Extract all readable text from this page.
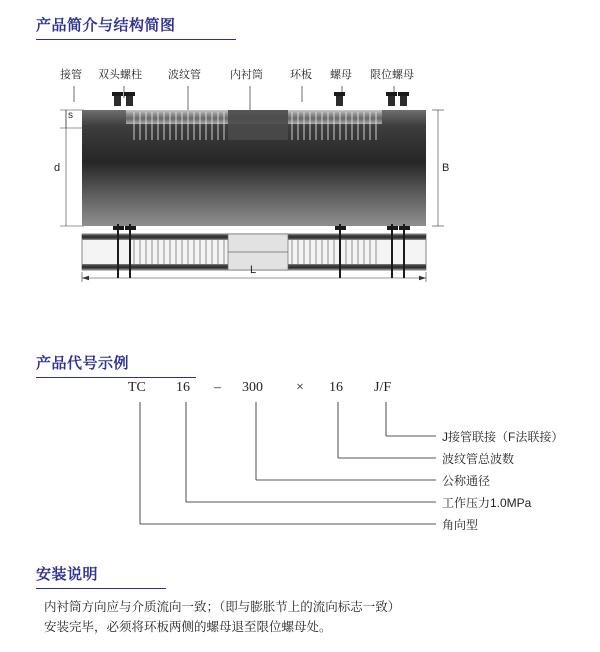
产品简介与结构简图
接管 双头螺柱 波纹管	内衬筒 环板 螺母 限位螺母
s
d	B
L
产品代号示例
TC 16 – 300 × 16 J/F
J接管联接（F法联接）
波纹管总波数
公称通径
工作压力1.0MPa
角向型
安装说明
内衬筒方向应与介质流向一致；（即与膨胀节上的流向标志一致）
安装完毕，必须将环板两侧的螺母退至限位螺母处。
